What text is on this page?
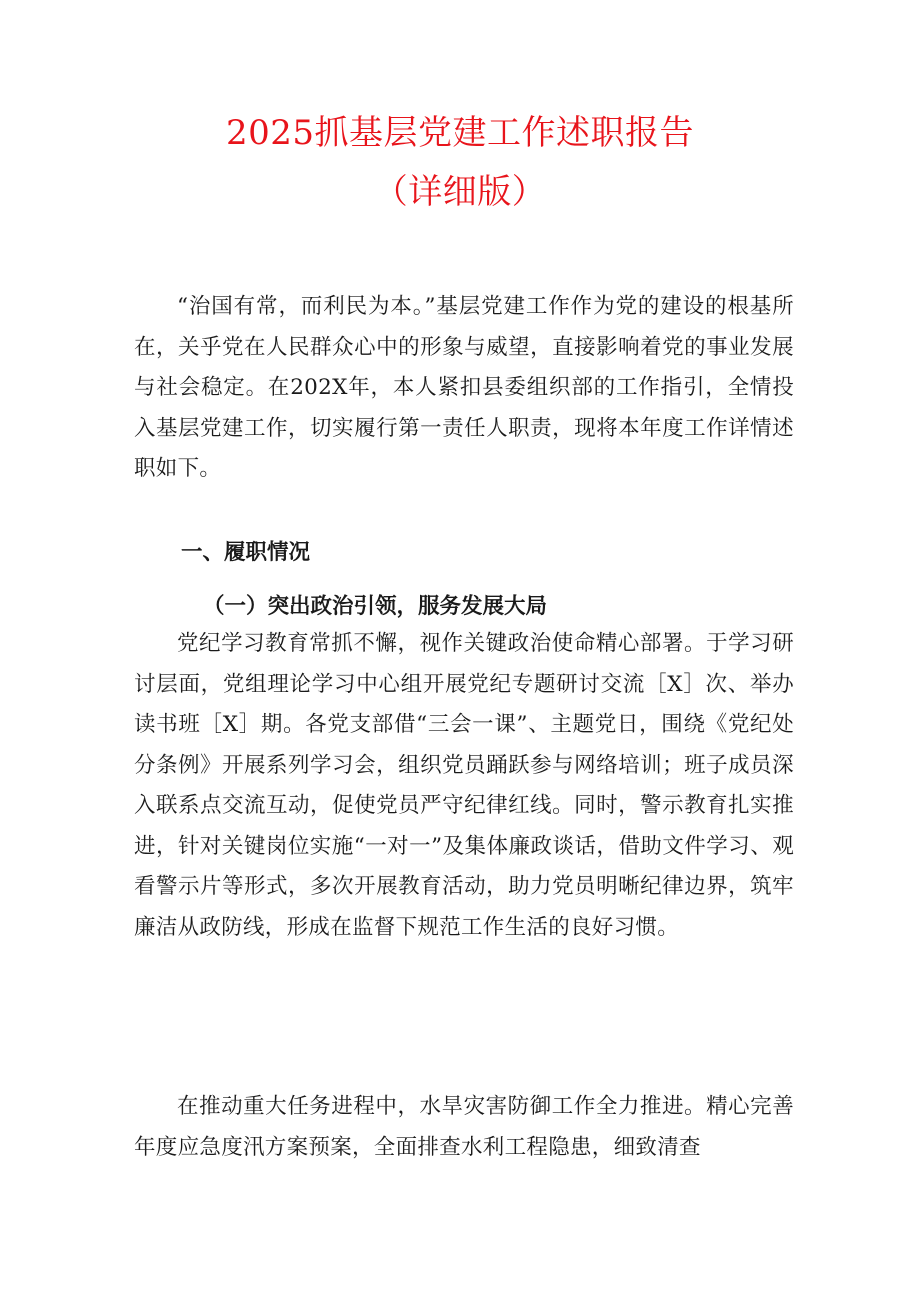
2025抓基层党建工作述职报告
（详细版）

“治国有常，而利民为本。”基层党建工作作为党的建设的根基所在，关乎党在人民群众心中的形象与威望，直接影响着党的事业发展与社会稳定。在202X年，本人紧扣县委组织部的工作指引，全情投入基层党建工作，切实履行第一责任人职责，现将本年度工作详情述职如下。

一、履职情况

（一）突出政治引领，服务发展大局

党纪学习教育常抓不懈，视作关键政治使命精心部署。于学习研讨层面，党组理论学习中心组开展党纪专题研讨交流［X］次、举办读书班［X］期。各党支部借“三会一课”、主题党日，围绕《党纪处分条例》开展系列学习会，组织党员踊跃参与网络培训；班子成员深入联系点交流互动，促使党员严守纪律红线。同时，警示教育扎实推进，针对关键岗位实施“一对一”及集体廉政谈话，借助文件学习、观看警示片等形式，多次开展教育活动，助力党员明晰纪律边界，筑牢廉洁从政防线，形成在监督下规范工作生活的良好习惯。

在推动重大任务进程中，水旱灾害防御工作全力推进。精心完善年度应急度汛方案预案，全面排查水利工程隐患，细致清查
